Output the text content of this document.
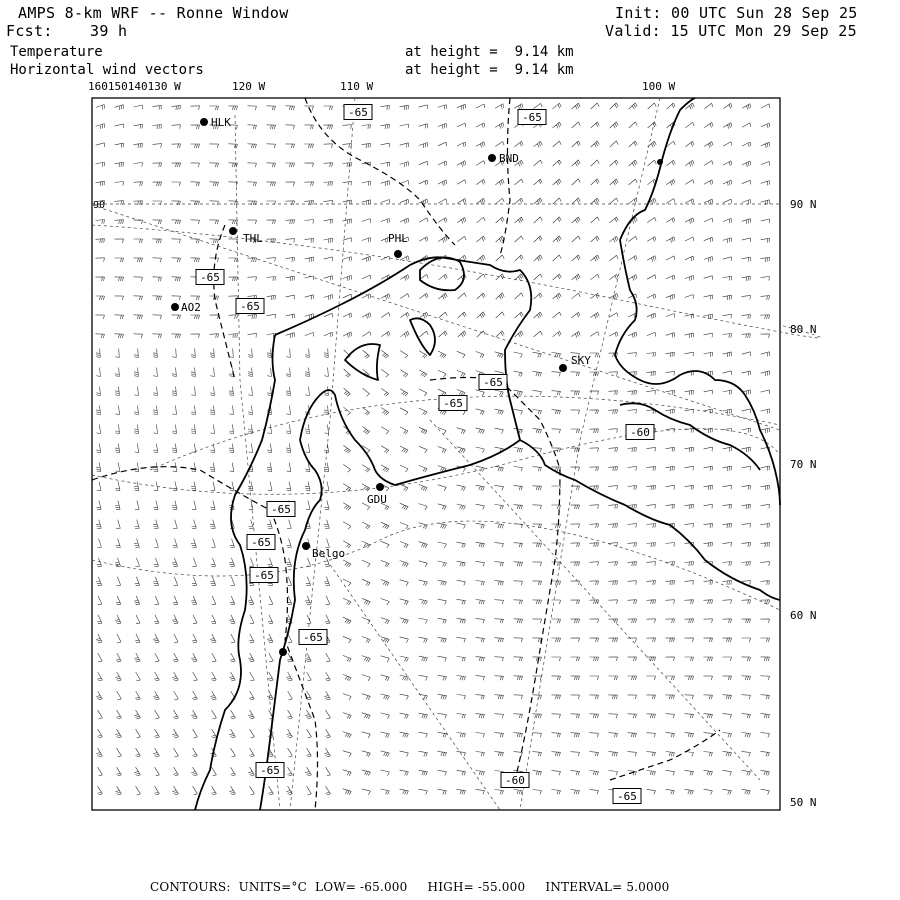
AMPS 8-km WRF -- Ronne Window
Fcst: 39 h
Init: 00 UTC Sun 28 Sep 25
Valid: 15 UTC Mon 29 Sep 25
Temperature	at height =  9.14 km
Horizontal wind vectors	at height =  9.14 km
HLK
BND
THL	PHL
AO2
SKY
GDU
Belgo
-65	-65
-65
-65
-65
-65
-60
-65
-65
-65
-65
-60
-65
-65
160150140130 W	120 W	110 W	100 W
90 N
80 N
70 N
60 N
50 N
90
CONTOURS: UNITS=°C LOW= -65.000 HIGH= -55.000 INTERVAL= 5.0000
